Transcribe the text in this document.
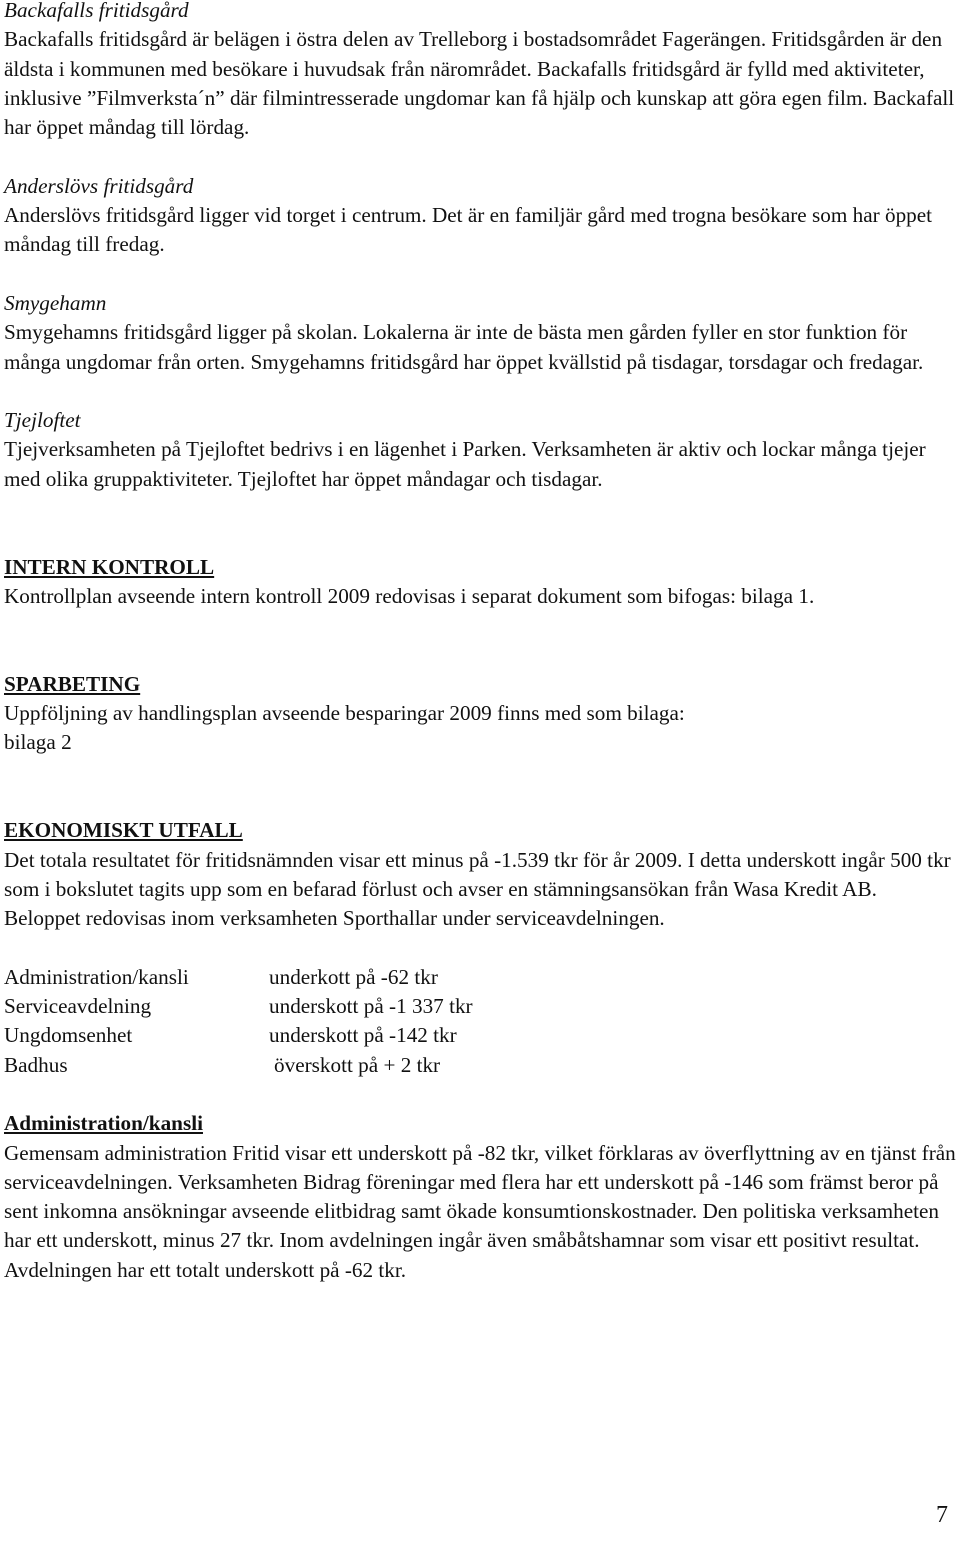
Backafalls fritidsgård

Backafalls fritidsgård är belägen i östra delen av Trelleborg i bostadsområdet Fagerängen. Fritidsgården är den äldsta i kommunen med besökare i huvudsak från närområdet. Backafalls fritidsgård är fylld med aktiviteter, inklusive ”Filmverksta´n” där filmintresserade ungdomar kan få hjälp och kunskap att göra egen film. Backafall har öppet måndag till lördag.

Anderslövs fritidsgård

Anderslövs fritidsgård ligger vid torget i centrum. Det är en familjär gård med trogna besökare som har öppet måndag till fredag.

Smygehamn

Smygehamns fritidsgård ligger på skolan. Lokalerna är inte de bästa men gården fyller en stor funktion för många ungdomar från orten. Smygehamns fritidsgård har öppet kvällstid på tisdagar, torsdagar och fredagar.

Tjejloftet

Tjejverksamheten på Tjejloftet bedrivs i en lägenhet i Parken. Verksamheten är aktiv och lockar många tjejer med olika gruppaktiviteter. Tjejloftet har öppet måndagar och tisdagar.

INTERN KONTROLL

Kontrollplan avseende intern kontroll 2009 redovisas i separat dokument som bifogas: bilaga 1.

SPARBETING

Uppföljning av handlingsplan avseende besparingar 2009 finns med som bilaga:

bilaga 2

EKONOMISKT UTFALL

Det totala resultatet för fritidsnämnden visar ett minus på -1.539 tkr för år 2009. I detta underskott ingår 500 tkr som i bokslutet tagits upp som en befarad förlust och avser en stämningsansökan från Wasa Kredit AB. Beloppet redovisas inom verksamheten Sporthallar under serviceavdelningen.

Administration/kansli	underkott på -62 tkr
Serviceavdelning	underskott på -1 337 tkr
Ungdomsenhet	underskott på -142 tkr
Badhus	överskott på + 2 tkr
Administration/kansli

Gemensam administration Fritid visar ett underskott på -82 tkr, vilket förklaras av överflyttning av en tjänst från serviceavdelningen. Verksamheten Bidrag föreningar med flera har ett underskott på -146 som främst beror på sent inkomna ansökningar avseende elitbidrag samt ökade konsumtionskostnader. Den politiska verksamheten har ett underskott, minus 27 tkr. Inom avdelningen ingår även småbåtshamnar som visar ett positivt resultat. Avdelningen har ett totalt underskott på -62 tkr.

7
